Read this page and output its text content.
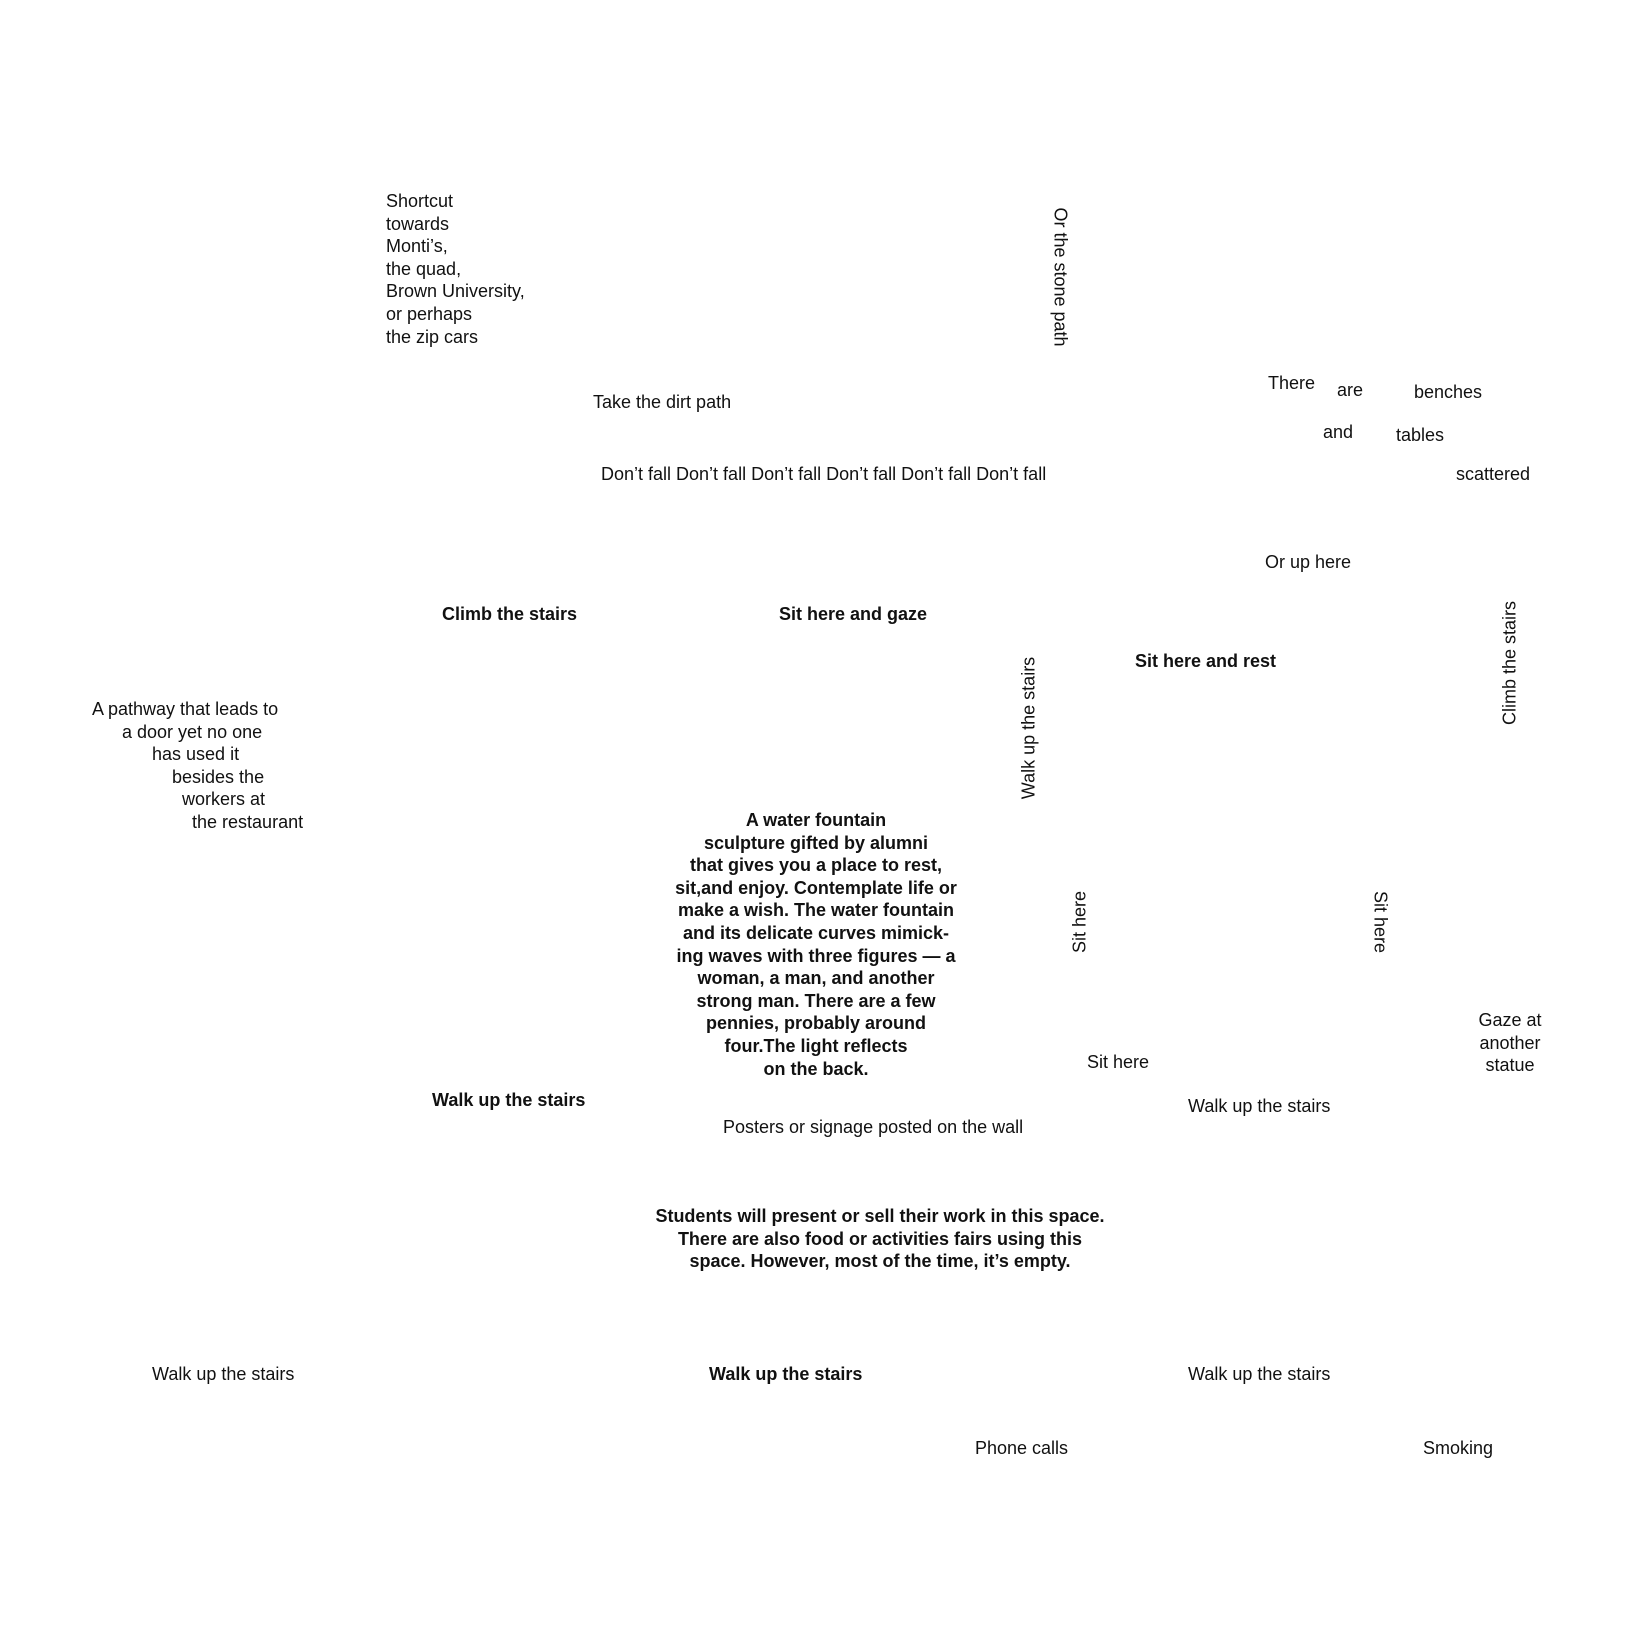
Shortcut
towards
Monti’s,
the quad,
Brown University,
or perhaps
the zip cars	Or the stone path
Take the dirt path
Don’t fall Don’t fall Don’t fall Don’t fall Don’t fall Don’t fall
There are	benches
and tables
scattered
Or up here
Climb the stairs	Sit here and gaze
Sit here and rest	Climb the stairs
Walk up the stairs
A pathway that leads to
a door yet no one
has used it
besides the
workers at
the restaurant	A water fountain
sculpture gifted by alumni
that gives you a place to rest,
sit,and enjoy. Contemplate life or
make a wish. The water fountain
and its delicate curves mimick-
ing waves with three figures — a
woman, a man, and another
strong man. There are a few
pennies, probably around
four.The light reflects
on the back.
Sit here	Sit here
Gaze at
another
statue
Sit here
Walk up the stairs	Walk up the stairs
Posters or signage posted on the wall
Students will present or sell their work in this space.
There are also food or activities fairs using this
space. However, most of the time, it’s empty.
Walk up the stairs	Walk up the stairs	Walk up the stairs
Phone calls	Smoking
